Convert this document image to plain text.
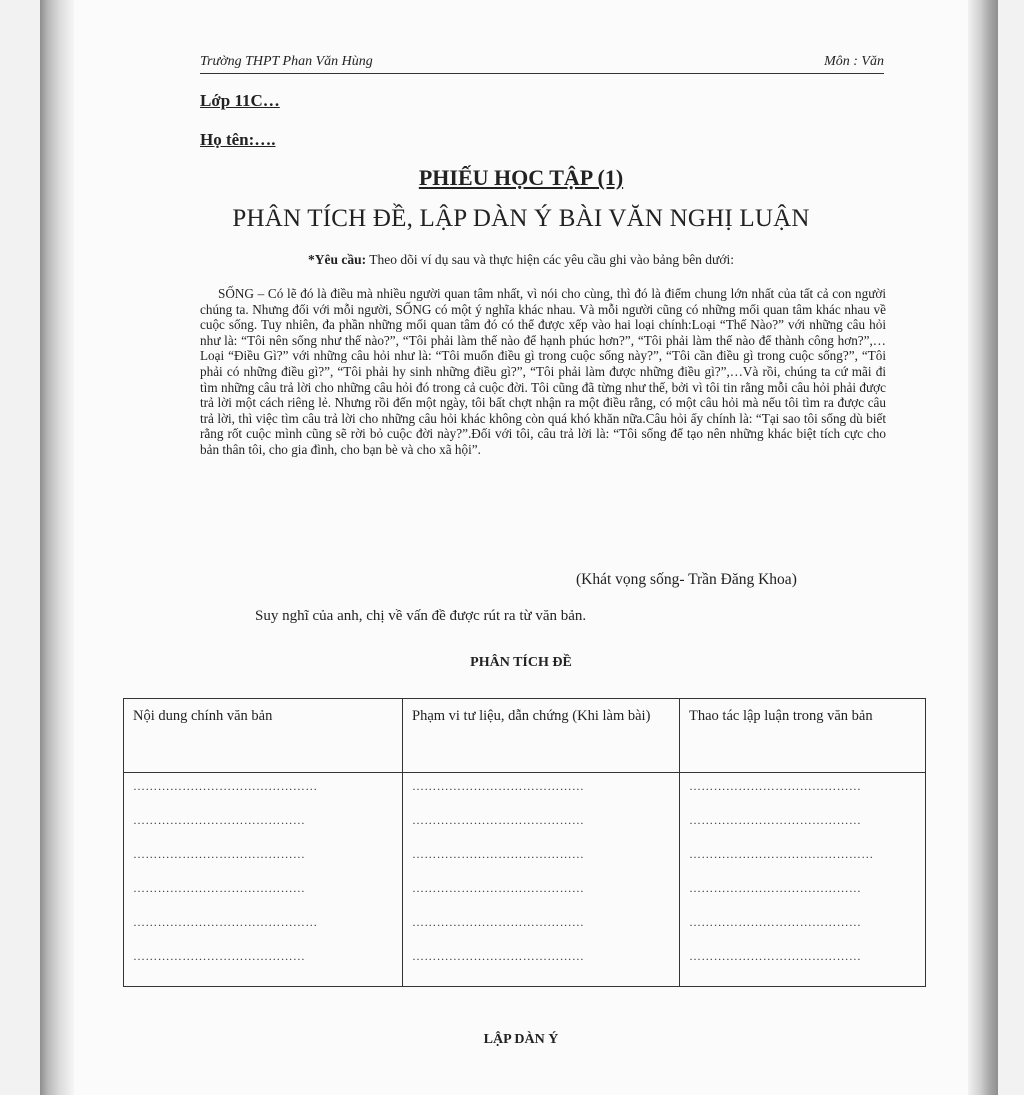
Trường THPT Phan Văn Hùng	Môn : Văn
Lớp 11C…
Họ tên:….
PHIẾU HỌC TẬP (1)
PHÂN TÍCH ĐỀ, LẬP DÀN Ý BÀI VĂN NGHỊ LUẬN
*Yêu cầu: Theo dõi ví dụ sau và thực hiện các yêu cầu ghi vào bảng bên dưới:
SỐNG – Có lẽ đó là điều mà nhiều người quan tâm nhất, vì nói cho cùng, thì đó là điểm chung lớn nhất của tất cả con người chúng ta. Nhưng đối với mỗi người, SỐNG có một ý nghĩa khác nhau. Và mỗi người cũng có những mối quan tâm khác nhau về cuộc sống. Tuy nhiên, đa phần những mối quan tâm đó có thể được xếp vào hai loại chính:Loại “Thế Nào?” với những câu hỏi như là: “Tôi nên sống như thế nào?”, “Tôi phải làm thế nào để hạnh phúc hơn?”, “Tôi phải làm thế nào để thành công hơn?”,…Loại “Điều Gì?” với những câu hỏi như là: “Tôi muốn điều gì trong cuộc sống này?”, “Tôi cần điều gì trong cuộc sống?”, “Tôi phải có những điều gì?”, “Tôi phải hy sinh những điều gì?”, “Tôi phải làm được những điều gì?”,…Và rồi, chúng ta cứ mãi đi tìm những câu trả lời cho những câu hỏi đó trong cả cuộc đời. Tôi cũng đã từng như thế, bởi vì tôi tin rằng mỗi câu hỏi phải được trả lời một cách riêng lẻ. Nhưng rồi đến một ngày, tôi bất chợt nhận ra một điều rằng, có một câu hỏi mà nếu tôi tìm ra được câu trả lời, thì việc tìm câu trả lời cho những câu hỏi khác không còn quá khó khăn nữa.Câu hỏi ấy chính là: “Tại sao tôi sống dù biết rằng rốt cuộc mình cũng sẽ rời bỏ cuộc đời này?”.Đối với tôi, câu trả lời là: “Tôi sống để tạo nên những khác biệt tích cực cho bản thân tôi, cho gia đình, cho bạn bè và cho xã hội”.
(Khát vọng sống- Trần Đăng Khoa)
Suy nghĩ của anh, chị về vấn đề được rút ra từ văn bản.
PHÂN TÍCH ĐỀ
Nội dung chính văn bản	Phạm vi tư liệu, dẫn chứng (Khi làm bài)	Thao tác lập luận trong văn bản
………………………………………	……………………………………	……………………………………
……………………………………	……………………………………	……………………………………
……………………………………	……………………………………	………………………………………
……………………………………	……………………………………	……………………………………
………………………………………	……………………………………	……………………………………
……………………………………	……………………………………	……………………………………
LẬP DÀN Ý
